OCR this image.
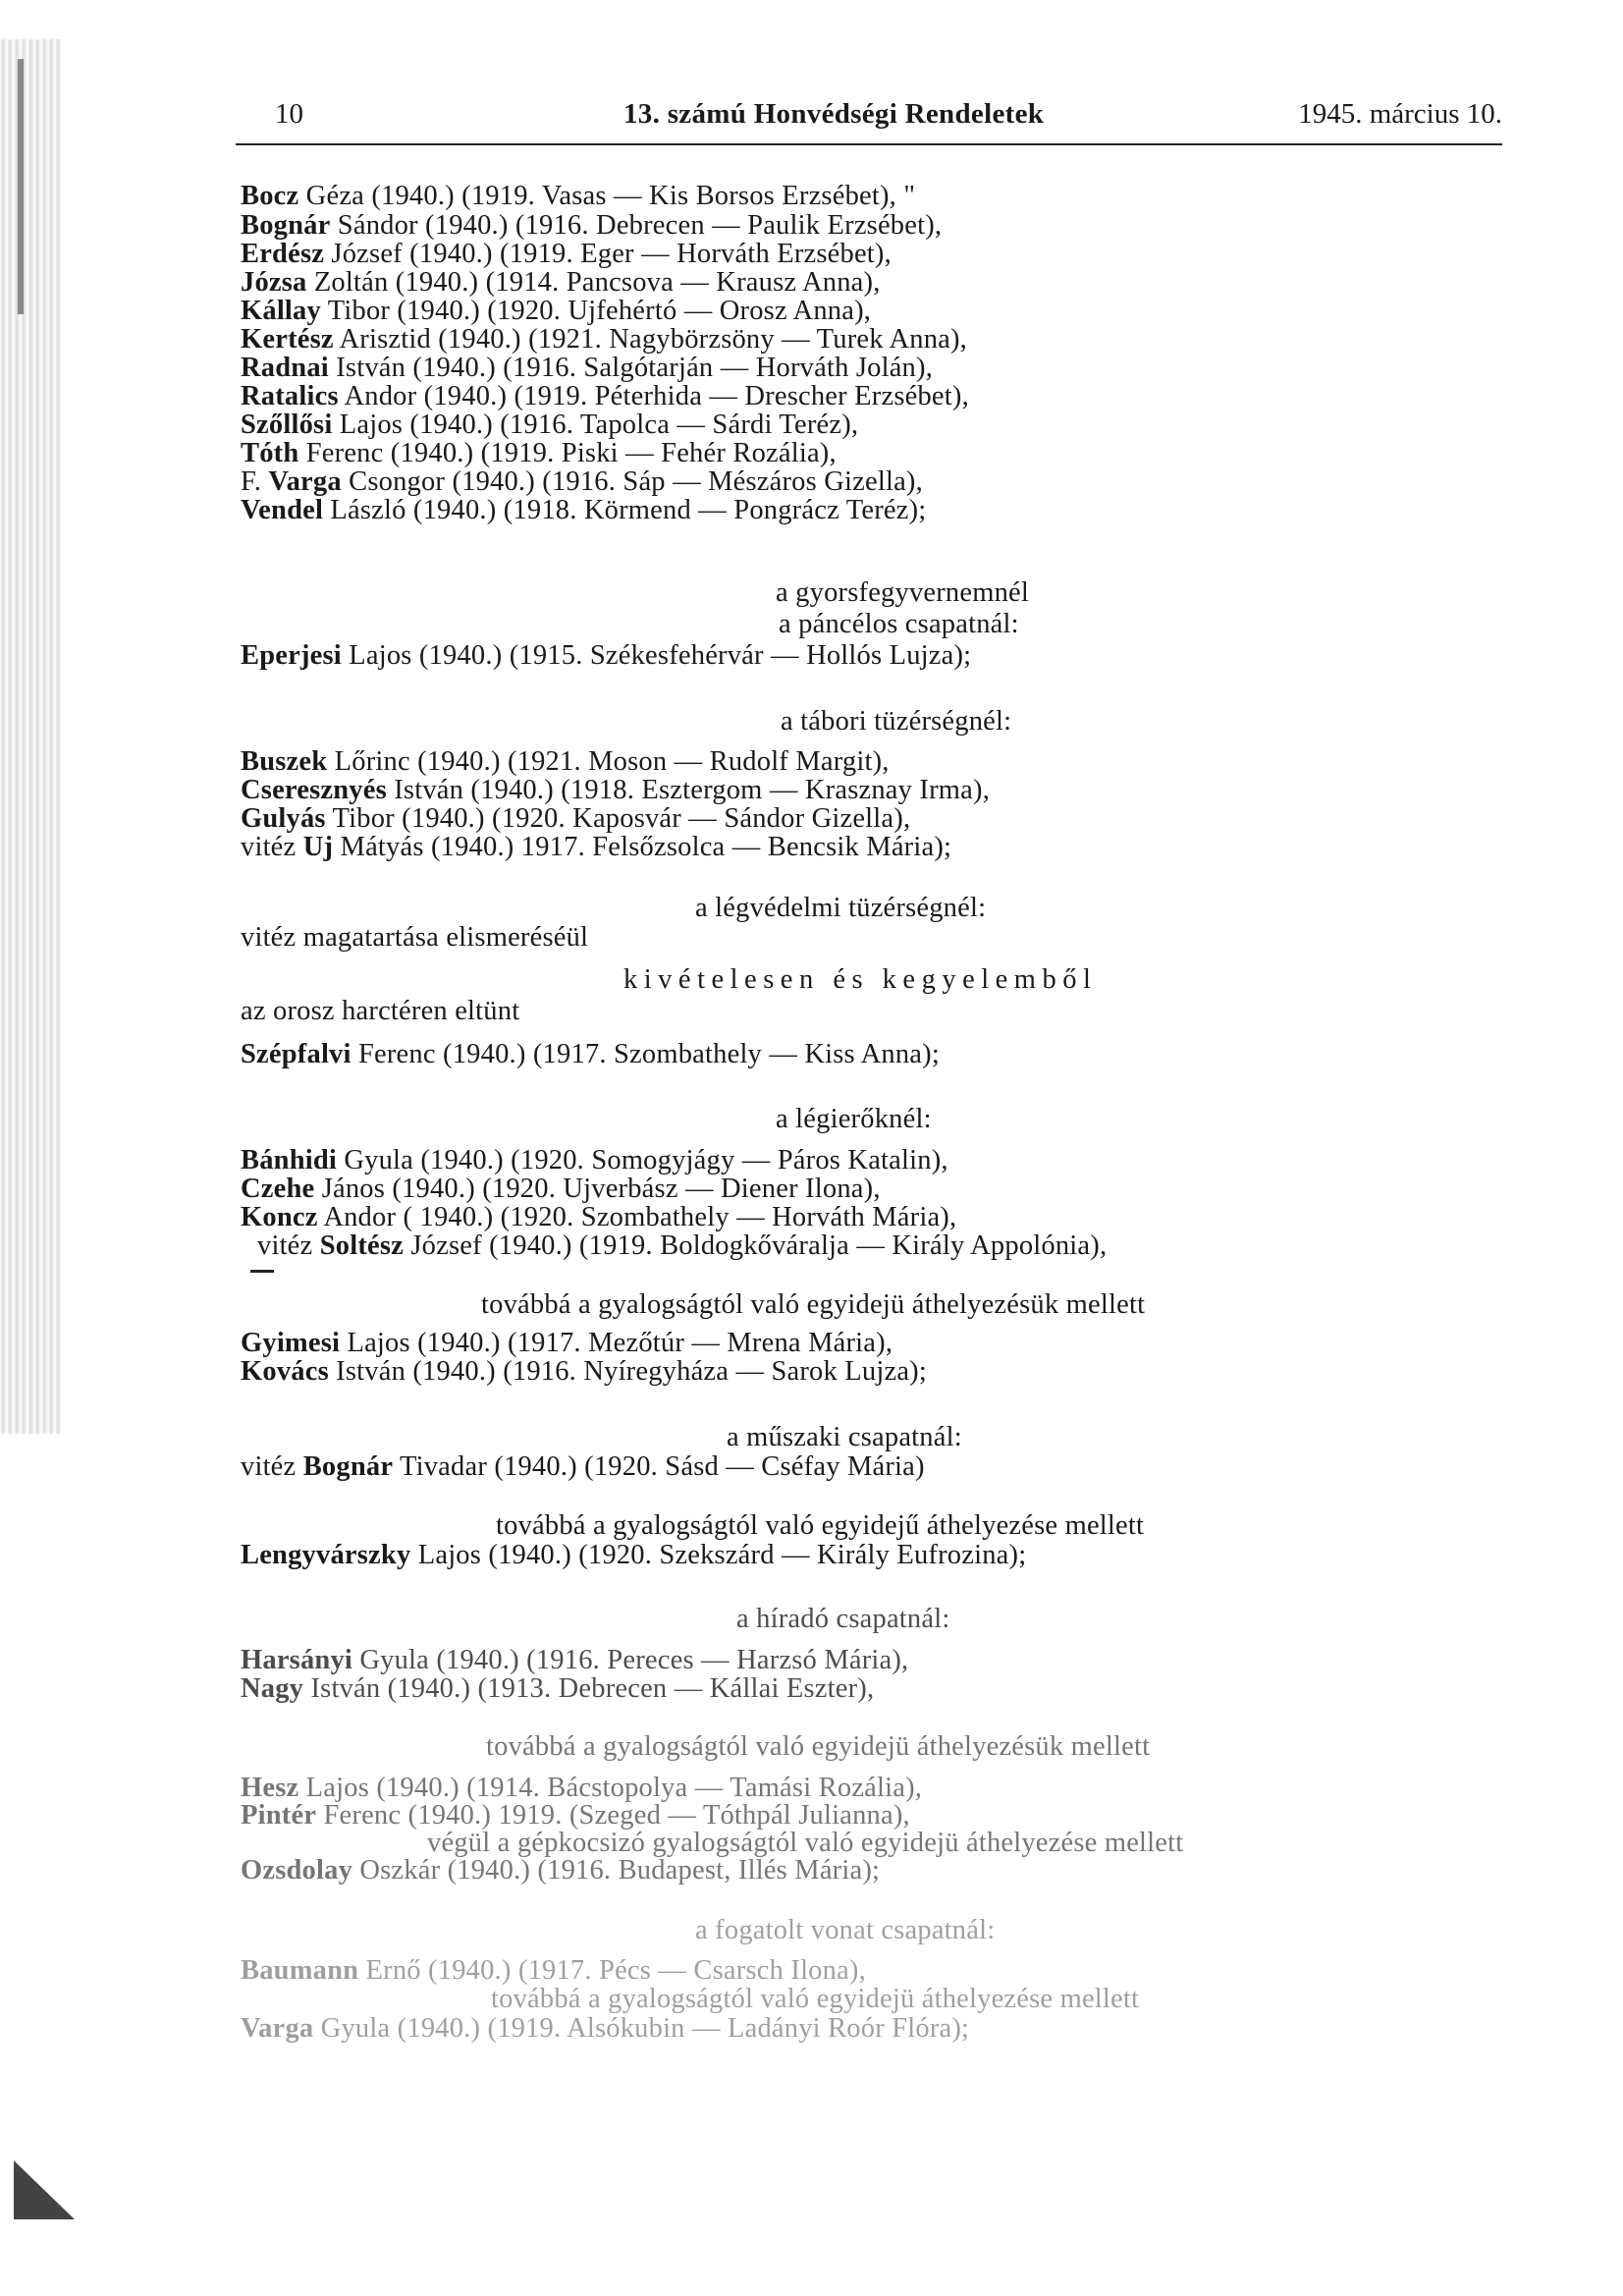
10	13. számú Honvédségi Rendeletek	1945. március 10.
Bocz Géza (1940.) (1919. Vasas — Kis Borsos Erzsébet), "
Bognár Sándor (1940.) (1916. Debrecen — Paulik Erzsébet),
Erdész József (1940.) (1919. Eger — Horváth Erzsébet),
Józsa Zoltán (1940.) (1914. Pancsova — Krausz Anna),
Kállay Tibor (1940.) (1920. Ujfehértó — Orosz Anna),
Kertész Arisztid (1940.) (1921. Nagybörzsöny — Turek Anna),
Radnai István (1940.) (1916. Salgótarján — Horváth Jolán),
Ratalics Andor (1940.) (1919. Péterhida — Drescher Erzsébet),
Szőllősi Lajos (1940.) (1916. Tapolca — Sárdi Teréz),
Tóth Ferenc (1940.) (1919. Piski — Fehér Rozália),
F. Varga Csongor (1940.) (1916. Sáp — Mészáros Gizella),
Vendel László (1940.) (1918. Körmend — Pongrácz Teréz);
a gyorsfegyvernemnél
a páncélos csapatnál:
Eperjesi Lajos (1940.) (1915. Székesfehérvár — Hollós Lujza);
a tábori tüzérségnél:
Buszek Lőrinc (1940.) (1921. Moson — Rudolf Margit),
Cseresznyés István (1940.) (1918. Esztergom — Krasznay Irma),
Gulyás Tibor (1940.) (1920. Kaposvár — Sándor Gizella),
vitéz Uj Mátyás (1940.) 1917. Felsőzsolca — Bencsik Mária);
a légvédelmi tüzérségnél:
vitéz magatartása elismeréséül
kivételesen és kegyelemből
az orosz harctéren eltünt
Szépfalvi Ferenc (1940.) (1917. Szombathely — Kiss Anna);
a légierőknél:
Bánhidi Gyula (1940.) (1920. Somogyjágy — Páros Katalin),
Czehe János (1940.) (1920. Ujverbász — Diener Ilona),
Koncz Andor ( 1940.) (1920. Szombathely — Horváth Mária),
vitéz Soltész József (1940.) (1919. Boldogkőváralja — Király Appolónia),
továbbá a gyalogságtól való egyidejü áthelyezésük mellett
Gyimesi Lajos (1940.) (1917. Mezőtúr — Mrena Mária),
Kovács István (1940.) (1916. Nyíregyháza — Sarok Lujza);
a műszaki csapatnál:
vitéz Bognár Tivadar (1940.) (1920. Sásd — Cséfay Mária)
továbbá a gyalogságtól való egyidejű áthelyezése mellett
Lengyvárszky Lajos (1940.) (1920. Szekszárd — Király Eufrozina);
a híradó csapatnál:
Harsányi Gyula (1940.) (1916. Pereces — Harzsó Mária),
Nagy István (1940.) (1913. Debrecen — Kállai Eszter),
továbbá a gyalogságtól való egyidejü áthelyezésük mellett
Hesz Lajos (1940.) (1914. Bácstopolya — Tamási Rozália),
Pintér Ferenc (1940.) 1919. (Szeged — Tóthpál Julianna),
végül a gépkocsizó gyalogságtól való egyidejü áthelyezése mellett
Ozsdolay Oszkár (1940.) (1916. Budapest, Illés Mária);
a fogatolt vonat csapatnál:
Baumann Ernő (1940.) (1917. Pécs — Csarsch Ilona),
továbbá a gyalogságtól való egyidejü áthelyezése mellett
Varga Gyula (1940.) (1919. Alsókubin — Ladányi Roór Flóra);
